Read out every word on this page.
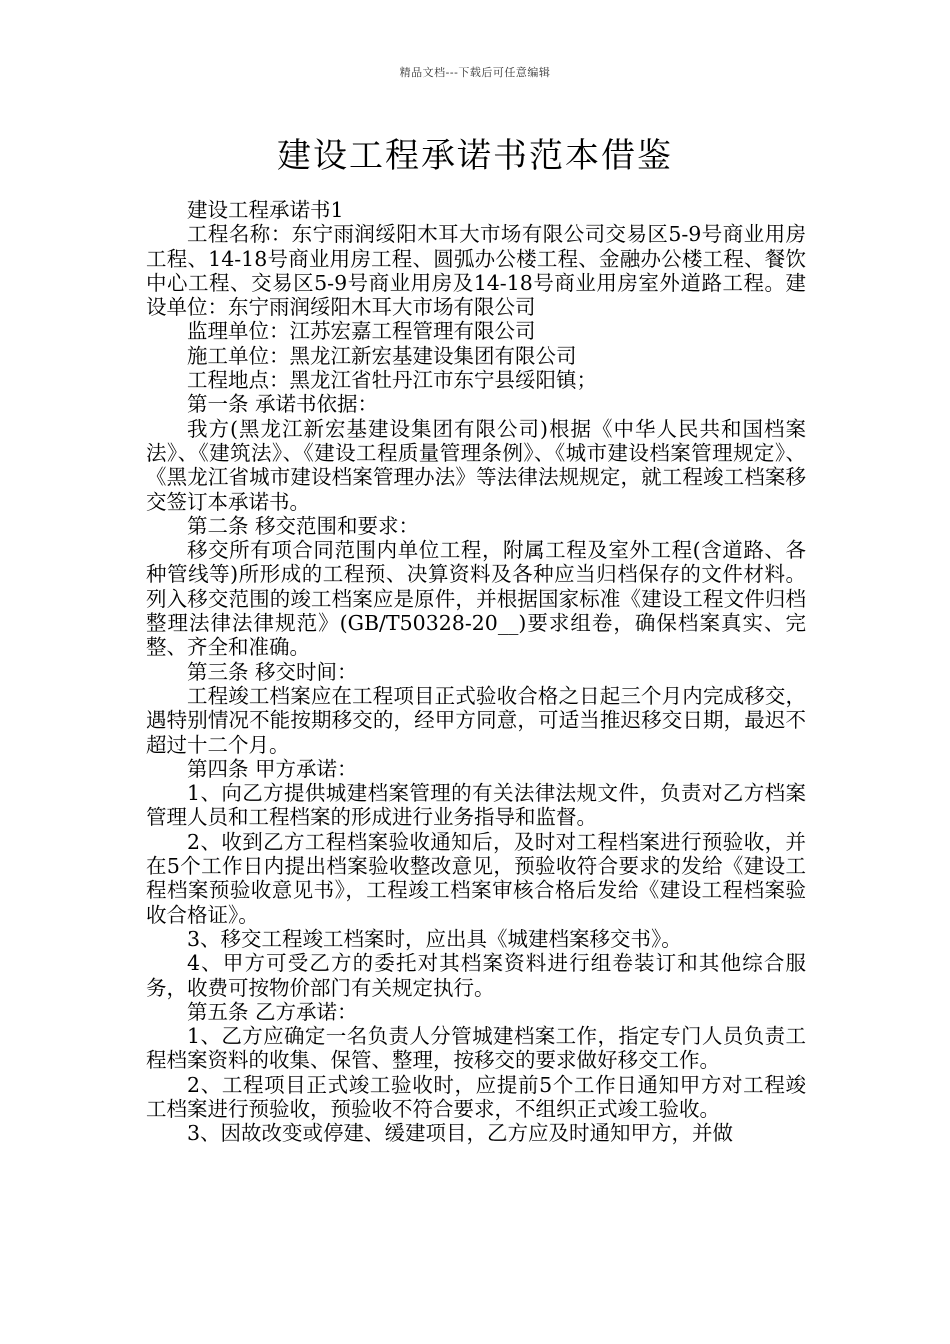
精品文档---下载后可任意编辑
建设工程承诺书范本借鉴

建设工程承诺书1

工程名称：东宁雨润绥阳木耳大市场有限公司交易区5-9号商业用房工程、14-18号商业用房工程、圆弧办公楼工程、金融办公楼工程、餐饮中心工程、交易区5-9号商业用房及14-18号商业用房室外道路工程。建设单位：东宁雨润绥阳木耳大市场有限公司

监理单位：江苏宏嘉工程管理有限公司

施工单位：黑龙江新宏基建设集团有限公司

工程地点：黑龙江省牡丹江市东宁县绥阳镇；

第一条 承诺书依据：

我方(黑龙江新宏基建设集团有限公司)根据《中华人民共和国档案法》、《建筑法》、《建设工程质量管理条例》、《城市建设档案管理规定》、《黑龙江省城市建设档案管理办法》等法律法规规定，就工程竣工档案移交签订本承诺书。

第二条 移交范围和要求：

移交所有项合同范围内单位工程，附属工程及室外工程(含道路、各种管线等)所形成的工程预、决算资料及各种应当归档保存的文件材料。列入移交范围的竣工档案应是原件，并根据国家标准《建设工程文件归档整理法律法律规范》(GB/T50328-20__)要求组卷，确保档案真实、完整、齐全和准确。

第三条 移交时间：

工程竣工档案应在工程项目正式验收合格之日起三个月内完成移交，遇特别情况不能按期移交的，经甲方同意，可适当推迟移交日期，最迟不超过十二个月。

第四条 甲方承诺：

1、向乙方提供城建档案管理的有关法律法规文件，负责对乙方档案管理人员和工程档案的形成进行业务指导和监督。

2、收到乙方工程档案验收通知后，及时对工程档案进行预验收，并在5个工作日内提出档案验收整改意见，预验收符合要求的发给《建设工程档案预验收意见书》，工程竣工档案审核合格后发给《建设工程档案验收合格证》。

3、移交工程竣工档案时，应出具《城建档案移交书》。

4、甲方可受乙方的委托对其档案资料进行组卷装订和其他综合服务，收费可按物价部门有关规定执行。

第五条 乙方承诺：

1、乙方应确定一名负责人分管城建档案工作，指定专门人员负责工程档案资料的收集、保管、整理，按移交的要求做好移交工作。

2、工程项目正式竣工验收时，应提前5个工作日通知甲方对工程竣工档案进行预验收，预验收不符合要求，不组织正式竣工验收。

3、因故改变或停建、缓建项目，乙方应及时通知甲方，并做
